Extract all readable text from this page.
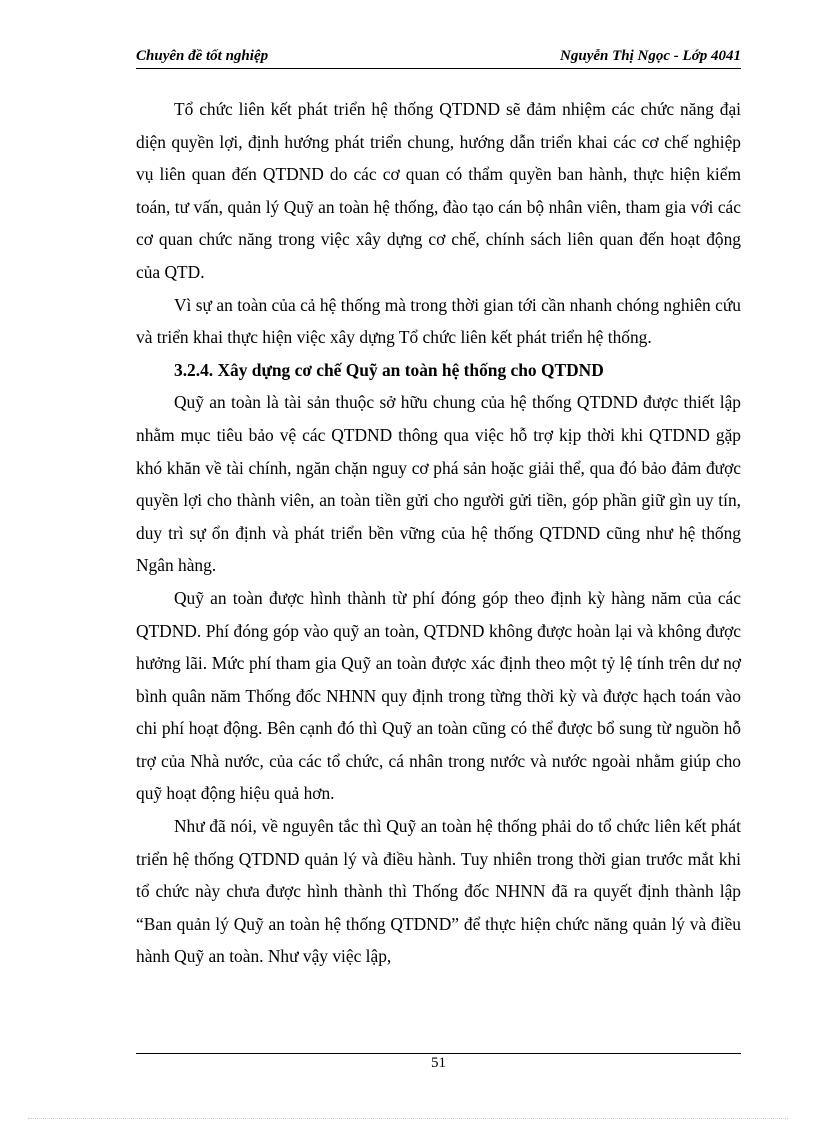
Chuyên đề tốt nghiệp	Nguyễn Thị Ngọc - Lớp 4041

Tổ chức liên kết phát triển hệ thống QTDND sẽ đảm nhiệm các chức năng đại diện quyền lợi, định hướng phát triển chung, hướng dẫn triển khai các cơ chế nghiệp vụ liên quan đến QTDND do các cơ quan có thẩm quyền ban hành, thực hiện kiểm toán, tư vấn, quản lý Quỹ an toàn hệ thống, đào tạo cán bộ nhân viên, tham gia với các cơ quan chức năng trong việc xây dựng cơ chế, chính sách liên quan đến hoạt động của QTD.

Vì sự an toàn của cả hệ thống mà trong thời gian tới cần nhanh chóng nghiên cứu và triển khai thực hiện việc xây dựng Tổ chức liên kết phát triển hệ thống.

3.2.4. Xây dựng cơ chế Quỹ an toàn hệ thống cho QTDND

Quỹ an toàn là tài sản thuộc sở hữu chung của hệ thống QTDND được thiết lập nhằm mục tiêu bảo vệ các QTDND thông qua việc hỗ trợ kịp thời khi QTDND gặp khó khăn về tài chính, ngăn chặn nguy cơ phá sản hoặc giải thể, qua đó bảo đảm được quyền lợi cho thành viên, an toàn tiền gửi cho người gửi tiền, góp phần giữ gìn uy tín, duy trì sự ổn định và phát triển bền vững của hệ thống QTDND cũng như hệ thống Ngân hàng.

Quỹ an toàn được hình thành từ phí đóng góp theo định kỳ hàng năm của các QTDND. Phí đóng góp vào quỹ an toàn, QTDND không được hoàn lại và không được hưởng lãi. Mức phí tham gia Quỹ an toàn được xác định theo một tỷ lệ tính trên dư nợ bình quân năm Thống đốc NHNN quy định trong từng thời kỳ và được hạch toán vào chi phí hoạt động. Bên cạnh đó thì Quỹ an toàn cũng có thể được bổ sung từ nguồn hỗ trợ của Nhà nước, của các tổ chức, cá nhân trong nước và nước ngoài nhằm giúp cho quỹ hoạt động hiệu quả hơn.

Như đã nói, về nguyên tắc thì Quỹ an toàn hệ thống phải do tổ chức liên kết phát triển hệ thống QTDND quản lý và điều hành. Tuy nhiên trong thời gian trước mắt khi tổ chức này chưa được hình thành thì Thống đốc NHNN đã ra quyết định thành lập “Ban quản lý Quỹ an toàn hệ thống QTDND” để thực hiện chức năng quản lý và điều hành Quỹ an toàn. Như vậy việc lập,

51
